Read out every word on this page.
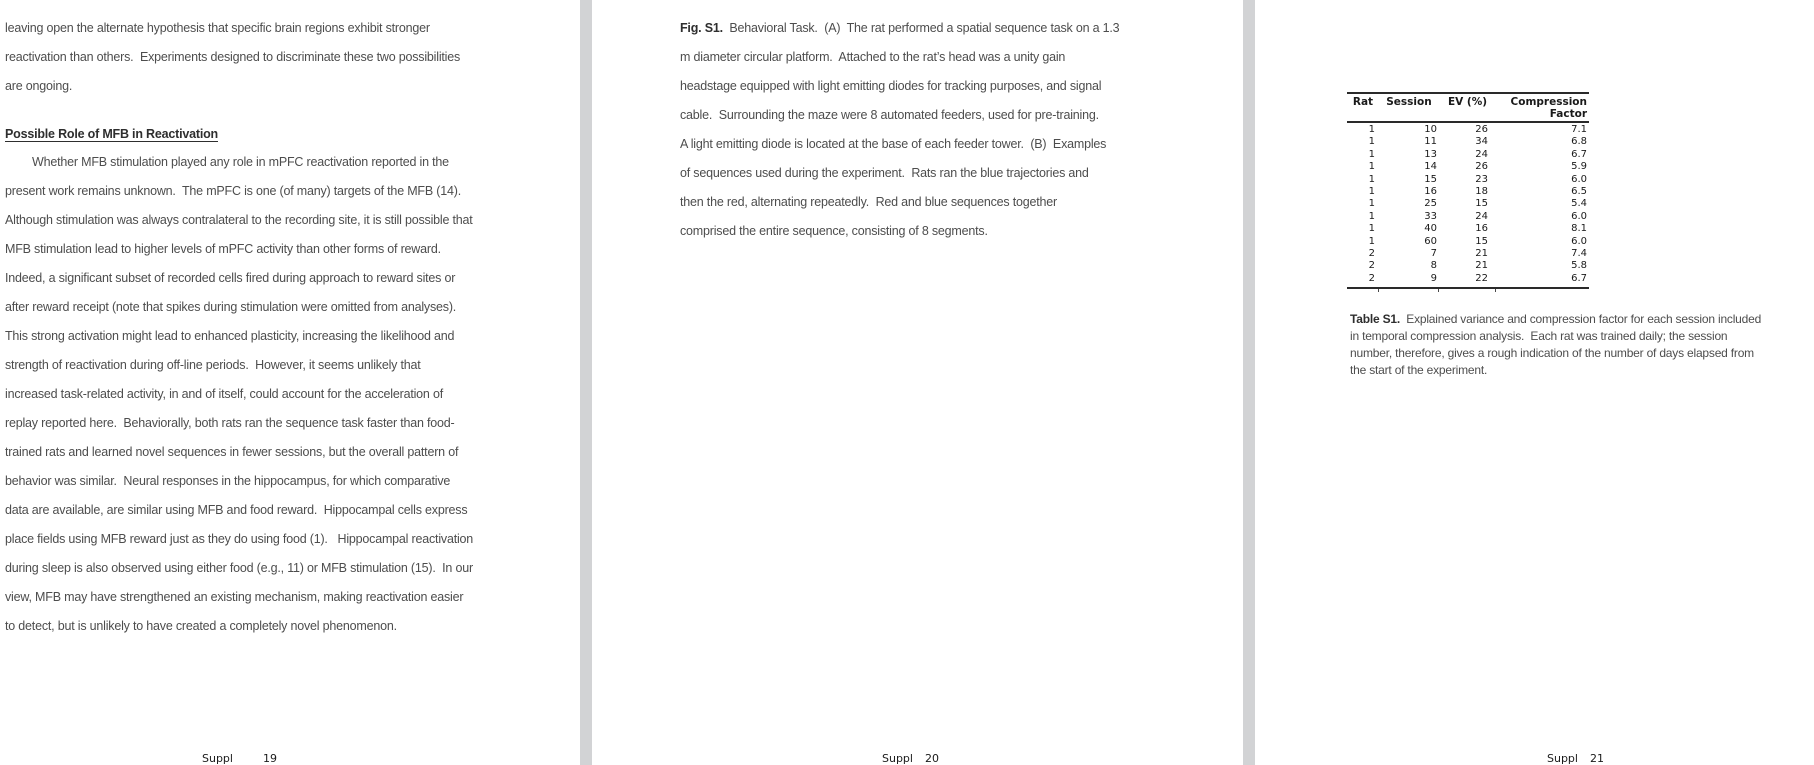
leaving open the alternate hypothesis that specific brain regions exhibit stronger
reactivation than others.  Experiments designed to discriminate these two possibilities
are ongoing.
Possible Role of MFB in Reactivation
Whether MFB stimulation played any role in mPFC reactivation reported in the
present work remains unknown.  The mPFC is one (of many) targets of the MFB (14).
Although stimulation was always contralateral to the recording site, it is still possible that
MFB stimulation lead to higher levels of mPFC activity than other forms of reward.
Indeed, a significant subset of recorded cells fired during approach to reward sites or
after reward receipt (note that spikes during stimulation were omitted from analyses).
This strong activation might lead to enhanced plasticity, increasing the likelihood and
strength of reactivation during off-line periods.  However, it seems unlikely that
increased task-related activity, in and of itself, could account for the acceleration of
replay reported here.  Behaviorally, both rats ran the sequence task faster than food-
trained rats and learned novel sequences in fewer sessions, but the overall pattern of
behavior was similar.  Neural responses in the hippocampus, for which comparative
data are available, are similar using MFB and food reward.  Hippocampal cells express
place fields using MFB reward just as they do using food (1).   Hippocampal reactivation
during sleep is also observed using either food (e.g., 11) or MFB stimulation (15).  In our
view, MFB may have strengthened an existing mechanism, making reactivation easier
to detect, but is unlikely to have created a completely novel phenomenon.

Suppl	19

Fig. S1.  Behavioral Task.  (A)  The rat performed a spatial sequence task on a 1.3
m diameter circular platform.  Attached to the rat’s head was a unity gain
headstage equipped with light emitting diodes for tracking purposes, and signal
cable.  Surrounding the maze were 8 automated feeders, used for pre-training.
A light emitting diode is located at the base of each feeder tower.  (B)  Examples
of sequences used during the experiment.  Rats ran the blue trajectories and
then the red, alternating repeatedly.  Red and blue sequences together
comprised the entire sequence, consisting of 8 segments.

Suppl 20

Rat	Session	EV (%)	Compression Factor
1	10	26	7.1
1	11	34	6.8
1	13	24	6.7
1	14	26	5.9
1	15	23	6.0
1	16	18	6.5
1	25	15	5.4
1	33	24	6.0
1	40	16	8.1
1	60	15	6.0
2	7	21	7.4
2	8	21	5.8
2	9	22	6.7
Table S1.  Explained variance and compression factor for each session included
in temporal compression analysis.  Each rat was trained daily; the session
number, therefore, gives a rough indication of the number of days elapsed from
the start of the experiment.

Suppl 21
